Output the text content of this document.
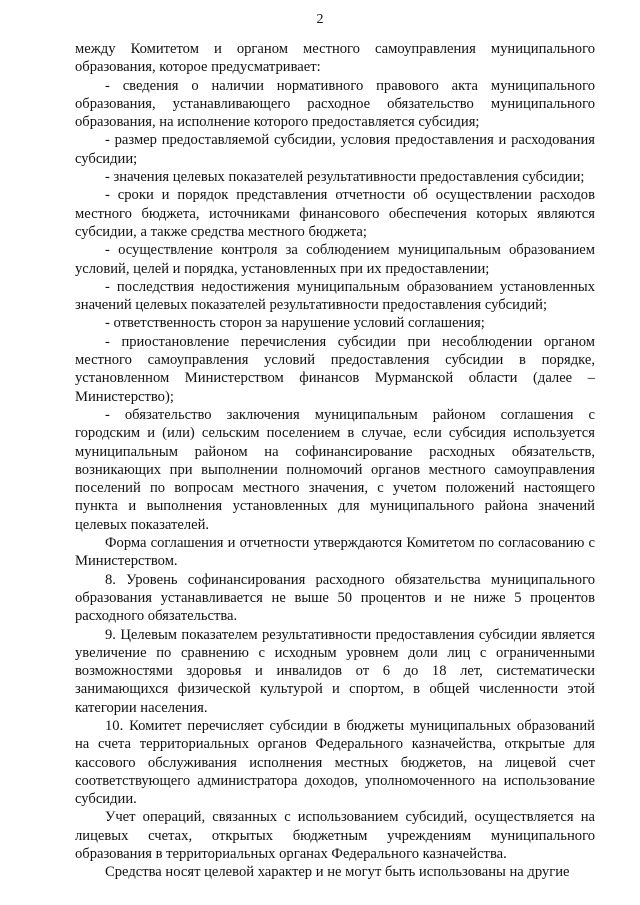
2

между Комитетом и органом местного самоуправления муниципального образования, которое предусматривает:

- сведения о наличии нормативного правового акта муниципального образования, устанавливающего расходное обязательство муниципального образования, на исполнение которого предоставляется субсидия;

- размер предоставляемой субсидии, условия предоставления и расходования субсидии;

- значения целевых показателей результативности предоставления субсидии;

- сроки и порядок представления отчетности об осуществлении расходов местного бюджета, источниками финансового обеспечения которых являются субсидии, а также средства местного бюджета;

- осуществление контроля за соблюдением муниципальным образованием условий, целей и порядка, установленных при их предоставлении;

- последствия недостижения муниципальным образованием установленных значений целевых показателей результативности предоставления субсидий;

- ответственность сторон за нарушение условий соглашения;

- приостановление перечисления субсидии при несоблюдении органом местного самоуправления условий предоставления субсидии в порядке, установленном Министерством финансов Мурманской области (далее – Министерство);

- обязательство заключения муниципальным районом соглашения с городским и (или) сельским поселением в случае, если субсидия используется муниципальным районом на софинансирование расходных обязательств, возникающих при выполнении полномочий органов местного самоуправления поселений по вопросам местного значения, с учетом положений настоящего пункта и выполнения установленных для муниципального района значений целевых показателей.

Форма соглашения и отчетности утверждаются Комитетом по согласованию с Министерством.

8. Уровень софинансирования расходного обязательства муниципального образования устанавливается не выше 50 процентов и не ниже 5 процентов расходного обязательства.

9. Целевым показателем результативности предоставления субсидии является увеличение по сравнению с исходным уровнем доли лиц с ограниченными возможностями здоровья и инвалидов от 6 до 18 лет, систематически занимающихся физической культурой и спортом, в общей численности этой категории населения.

10. Комитет перечисляет субсидии в бюджеты муниципальных образований на счета территориальных органов Федерального казначейства, открытые для кассового обслуживания исполнения местных бюджетов, на лицевой счет соответствующего администратора доходов, уполномоченного на использование субсидии.

Учет операций, связанных с использованием субсидий, осуществляется на лицевых счетах, открытых бюджетным учреждениям муниципального образования в территориальных органах Федерального казначейства.

Средства носят целевой характер и не могут быть использованы на другие
